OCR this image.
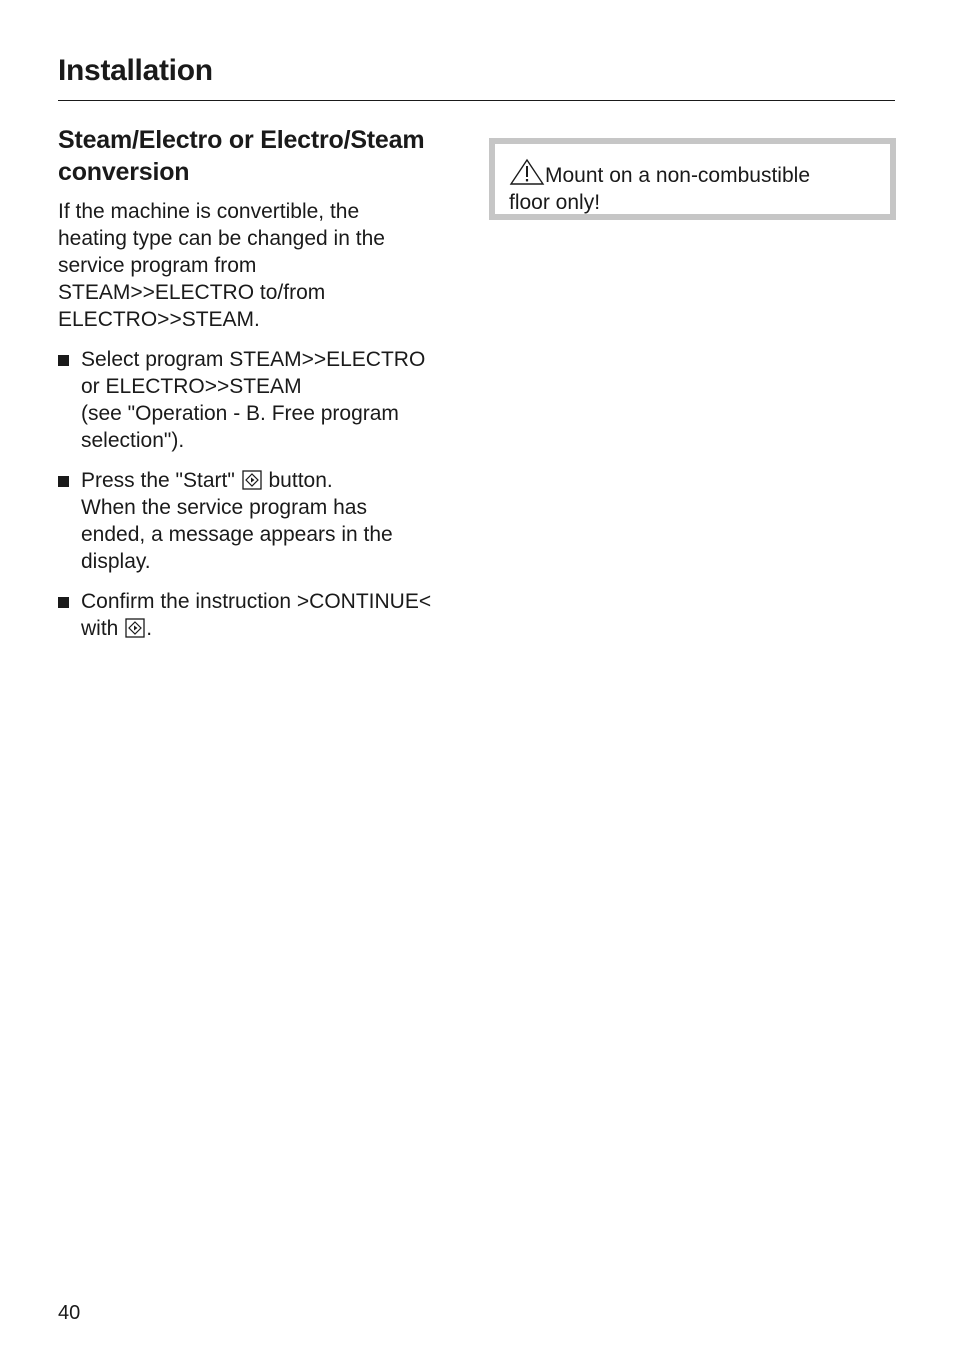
Installation
Steam/Electro or Electro/Steam conversion

If the machine is convertible, the
heating type can be changed in the
service program from
STEAM>>ELECTRO to/from
ELECTRO>>STEAM.

Select program STEAM>>ELECTRO
or ELECTRO>>STEAM
(see "Operation - B. Free program
selection").
Press the "Start" button.
When the service program has
ended, a message appears in the
display.
Confirm the instruction >CONTINUE<
with .
Mount on a non-combustible
floor only!
40
